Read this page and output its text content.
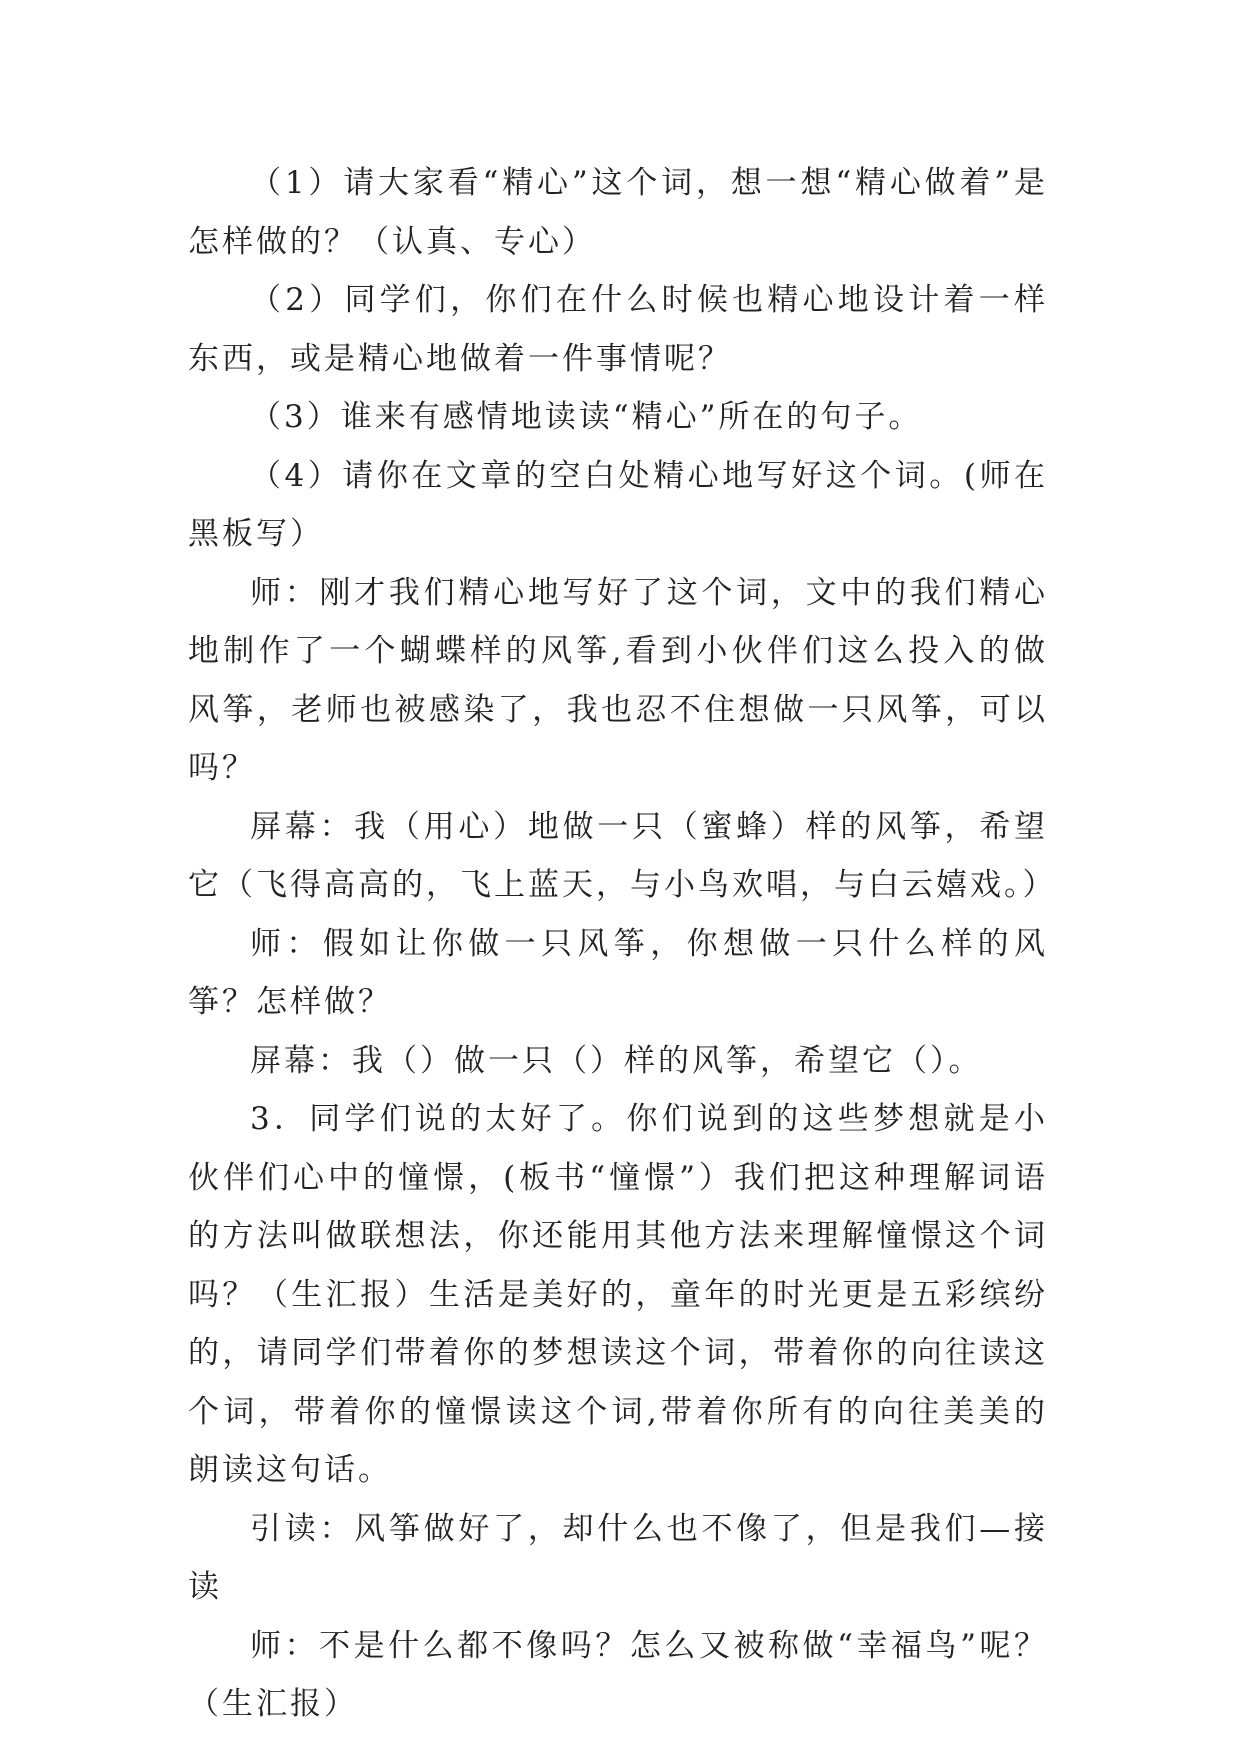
（1）请大家看“精心”这个词，想一想“精心做着”是怎样做的？（认真、专心）

（2）同学们，你们在什么时候也精心地设计着一样东西，或是精心地做着一件事情呢？

（3）谁来有感情地读读“精心”所在的句子。

（4）请你在文章的空白处精心地写好这个词。(师在黑板写）

师：刚才我们精心地写好了这个词，文中的我们精心地制作了一个蝴蝶样的风筝,看到小伙伴们这么投入的做风筝，老师也被感染了，我也忍不住想做一只风筝，可以吗？

屏幕：我（用心）地做一只（蜜蜂）样的风筝，希望它（飞得高高的，飞上蓝天，与小鸟欢唱，与白云嬉戏。）

师：假如让你做一只风筝，你想做一只什么样的风筝？怎样做？

屏幕：我（）做一只（）样的风筝，希望它（）。

3．同学们说的太好了。你们说到的这些梦想就是小伙伴们心中的憧憬，(板书“憧憬”）我们把这种理解词语的方法叫做联想法，你还能用其他方法来理解憧憬这个词吗？（生汇报）生活是美好的，童年的时光更是五彩缤纷的，请同学们带着你的梦想读这个词，带着你的向往读这个词，带着你的憧憬读这个词,带着你所有的向往美美的朗读这句话。

引读：风筝做好了，却什么也不像了，但是我们—接读

师：不是什么都不像吗？怎么又被称做“幸福鸟”呢？（生汇报）
